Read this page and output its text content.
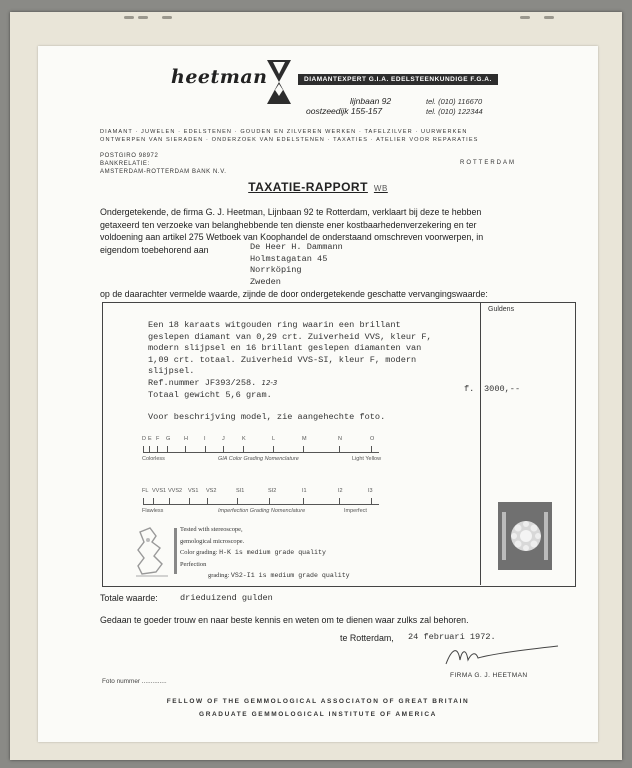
heetman	DIAMANTEXPERT G.I.A. EDELSTEENKUNDIGE F.G.A.
lijnbaan 92	tel. (010) 116670
oostzeedijk 155-157	tel. (010) 122344
DIAMANT · JUWELEN · EDELSTENEN · GOUDEN EN ZILVEREN WERKEN · TAFELZILVER · UURWERKEN
ONTWERPEN VAN SIERADEN · ONDERZOEK VAN EDELSTENEN · TAXATIES · ATELIER VOOR REPARATIES
POSTGIRO 98972
BANKRELATIE:
AMSTERDAM-ROTTERDAM BANK N.V.
ROTTERDAM
TAXATIE-RAPPORT WB
Ondergetekende, de firma G. J. Heetman, Lijnbaan 92 te Rotterdam, verklaart bij deze te hebben
getaxeerd ten verzoeke van belanghebbende ten dienste ener kostbaarhedenverzekering en ter
voldoening aan artikel 275 Wetboek van Koophandel de onderstaand omschreven voorwerpen, in
eigendom toebehorend aan	De Heer H. Dammann
Holmstagatan 45
Norrköping
Zweden
op de daarachter vermelde waarde, zijnde de door ondergetekende geschatte vervangingswaarde:
Guldens
Een 18 karaats witgouden ring waarin een brillant
geslepen diamant van 0,29 crt. Zuiverheid VVS, kleur F,
modern slijpsel en 16 brillant geslepen diamanten van
1,09 crt. totaal. Zuiverheid VVS-SI, kleur F, modern
slijpsel.
Ref.nummer JF393/258. 12-3
Totaal gewicht 5,6 gram.
Voor beschrijving model, zie aangehechte foto.
f. 3000,--
D E F G H	I	J	K	L	M	N	O
Colorless	GIA Color Grading Nomenclature	Light Yellow
FL VVS1 VVS2 VS1 VS2	SI1	SI2	I1	I2	I3
Flawless	Imperfection Grading Nomenclature	Imperfect
Tested with stereoscope,
gemological microscope.
Color grading: H-K is medium grade quality
Perfection
grading: VS2-I1 is medium grade quality
Totale waarde:	drieduizend gulden
Gedaan te goeder trouw en naar beste kennis en weten om te dienen waar zulks zal behoren.
te Rotterdam, 24 februari 1972.
FIRMA G. J. HEETMAN
Foto nummer ..............
FELLOW OF THE GEMMOLOGICAL ASSOCIATON OF GREAT BRITAIN
GRADUATE GEMMOLOGICAL INSTITUTE OF AMERICA
